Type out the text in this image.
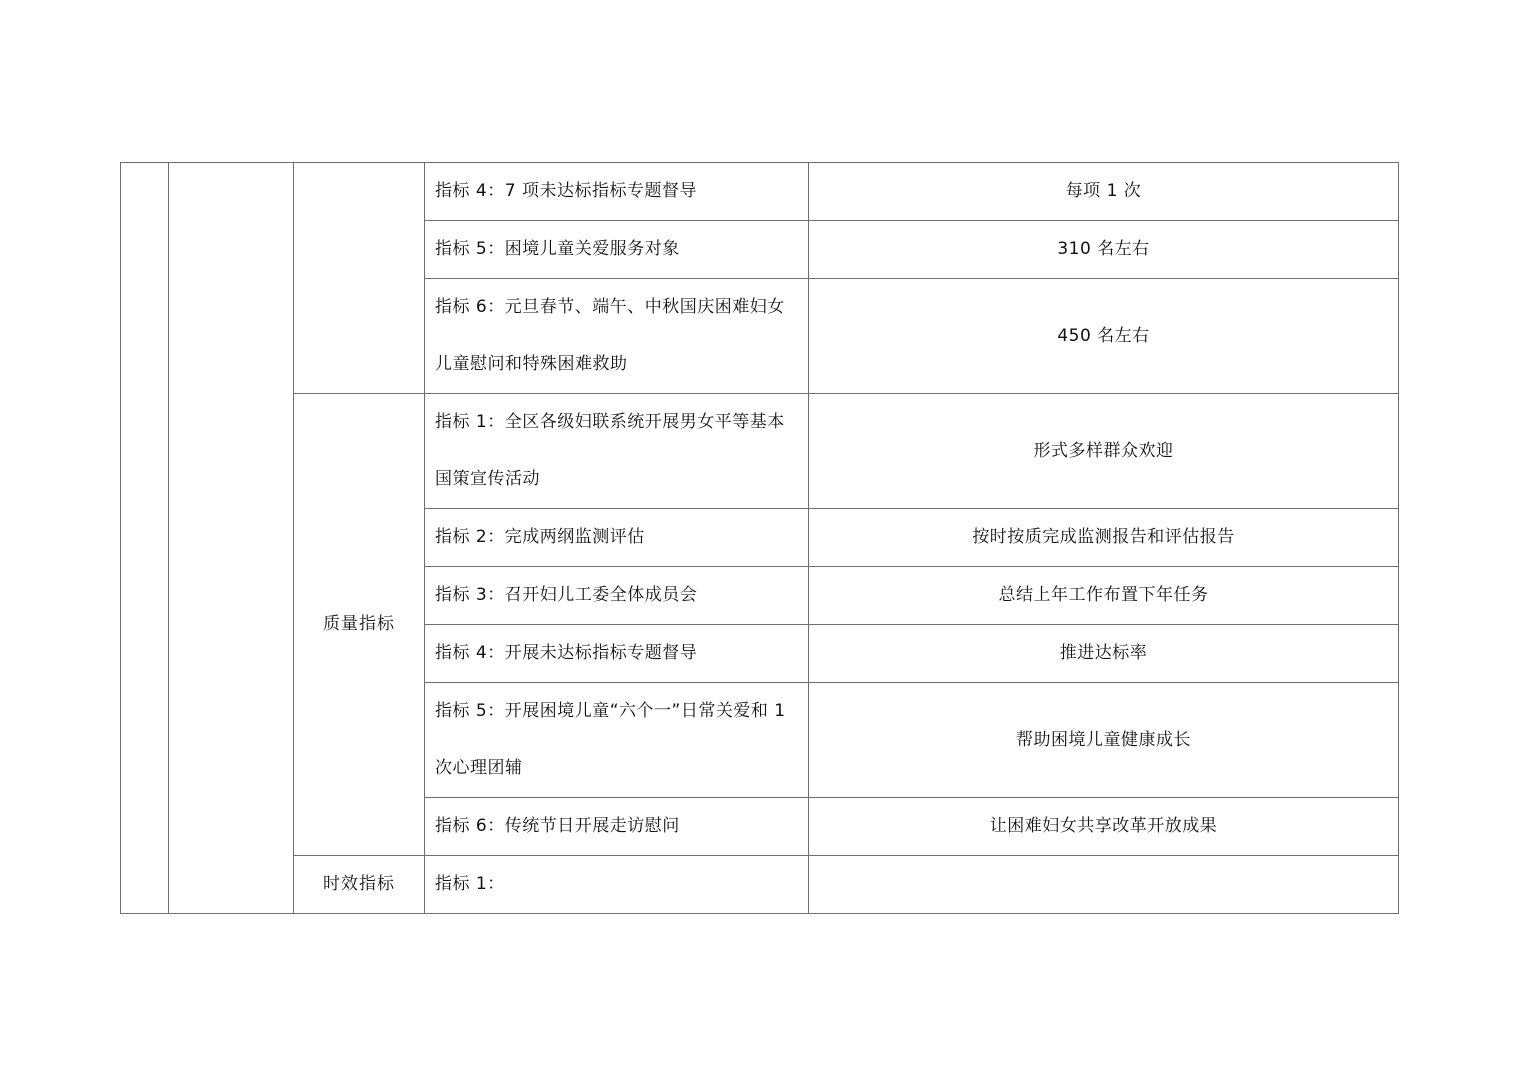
			指标 4：7 项未达标指标专题督导	每项 1 次
			指标 5：困境儿童关爱服务对象	310 名左右
			指标 6：元旦春节、端午、中秋国庆困难妇女儿童慰问和特殊困难救助	450 名左右
		质量指标	指标 1：全区各级妇联系统开展男女平等基本国策宣传活动	形式多样群众欢迎
			指标 2：完成两纲监测评估	按时按质完成监测报告和评估报告
			指标 3：召开妇儿工委全体成员会	总结上年工作布置下年任务
			指标 4：开展未达标指标专题督导	推进达标率
			指标 5：开展困境儿童“六个一”日常关爱和 1 次心理团辅	帮助困境儿童健康成长
			指标 6：传统节日开展走访慰问	让困难妇女共享改革开放成果
		时效指标	指标 1：	
